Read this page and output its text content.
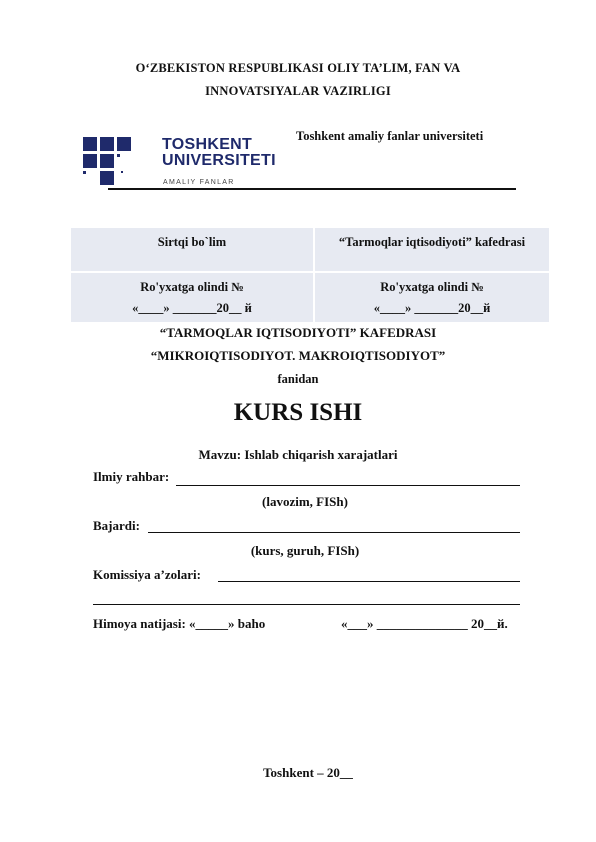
O‘ZBEKISTON RESPUBLIKASI OLIY TA’LIM, FAN VA
INNOVATSIYALAR VAZIRLIGI
Toshkent amaliy fanlar universiteti
TOSHKENT
UNIVERSITETI
AMALIY FANLAR
Sirtqi bo`lim	“Tarmoqlar iqtisodiyoti” kafedrasi
Ro'yxatga olindi №
«____» _______20__ й
Ro'yxatga olindi №
«____» _______20__й
“TARMOQLAR IQTISODIYOTI” KAFEDRASI
“MIKROIQTISODIYOT. MAKROIQTISODIYOT”
fanidan
KURS ISHI
Mavzu: Ishlab chiqarish xarajatlari
Ilmiy rahbar:
(lavozim, FISh)
Bajardi:
(kurs, guruh, FISh)
Komissiya a’zolari:
Himoya natijasi: «_____» baho	«___» ______________ 20__й.
Toshkent – 20__
